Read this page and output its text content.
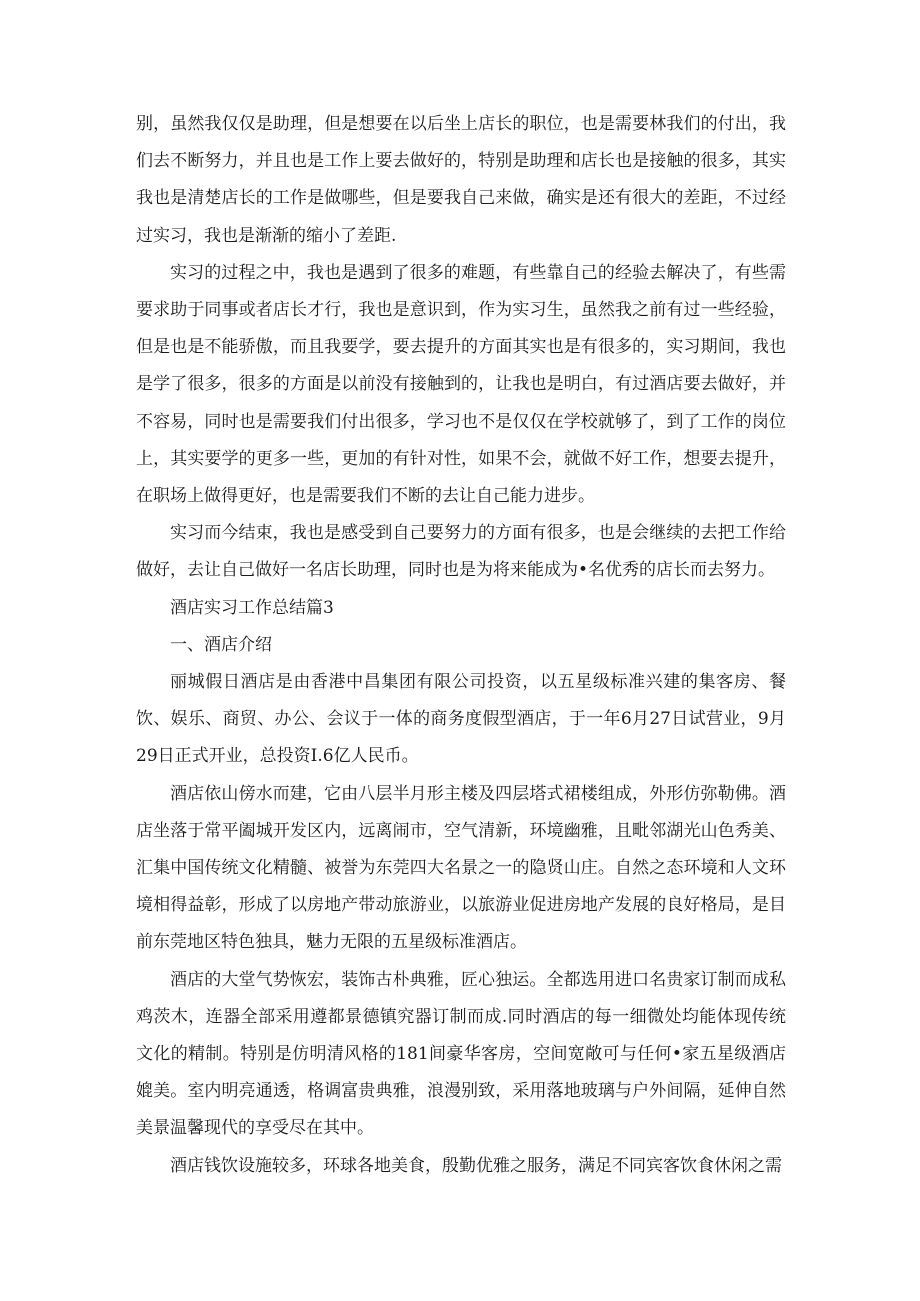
别，虽然我仅仅是助理，但是想要在以后坐上店长的职位，也是需要林我们的付出，我们去不断努力，并且也是工作上要去做好的，特别是助理和店长也是接触的很多，其实我也是清楚店长的工作是做哪些，但是要我自己来做，确实是还有很大的差距，不过经过实习，我也是渐渐的缩小了差距.

实习的过程之中，我也是遇到了很多的难题，有些靠自己的经验去解决了，有些需要求助于同事或者店长才行，我也是意识到，作为实习生，虽然我之前有过一些经验，但是也是不能骄傲，而且我要学，要去提升的方面其实也是有很多的，实习期间，我也是学了很多，很多的方面是以前没有接触到的，让我也是明白，有过酒店要去做好，并不容易，同时也是需要我们付出很多，学习也不是仅仅在学校就够了，到了工作的岗位上，其实要学的更多一些，更加的有针对性，如果不会，就做不好工作，想要去提升，在职场上做得更好，也是需要我们不断的去让自己能力进步。

实习而今结束，我也是感受到自己要努力的方面有很多，也是会继续的去把工作给做好，去让自己做好一名店长助理，同时也是为将来能成为•名优秀的店长而去努力。

酒店实习工作总结篇3

一、酒店介绍

丽城假日酒店是由香港中昌集团有限公司投资，以五星级标准兴建的集客房、餐饮、娱乐、商贸、办公、会议于一体的商务度假型酒店，于一年6月27日试营业，9月29日正式开业，总投资I.6亿人民币。

酒店依山傍水而建，它由八层半月形主楼及四层塔式裙楼组成，外形仿弥勒佛。酒店坐落于常平阖城开发区内，远离闹市，空气清新，环境幽雅，且毗邻湖光山色秀美、汇集中国传统文化精髓、被誉为东莞四大名景之一的隐贤山庄。自然之态环境和人文环境相得益彰，形成了以房地产带动旅游业，以旅游业促进房地产发展的良好格局，是目前东莞地区特色独具，魅力无限的五星级标准酒店。

酒店的大堂气势恢宏，装饰古朴典雅，匠心独运。全都选用进口名贵家订制而成私鸡茨木，连器全部采用遵都景德镇究器订制而成.同时酒店的每一细微处均能体现传统文化的精制。特别是仿明清风格的181间豪华客房，空间宽敞可与任何•家五星级酒店媲美。室内明亮通透，格调富贵典雅，浪漫别致，采用落地玻璃与户外间隔，延伸自然美景温馨现代的享受尽在其中。

酒店钱饮设施较多，环球各地美食，殷勤优雅之服务，满足不同宾客饮食休闲之需
